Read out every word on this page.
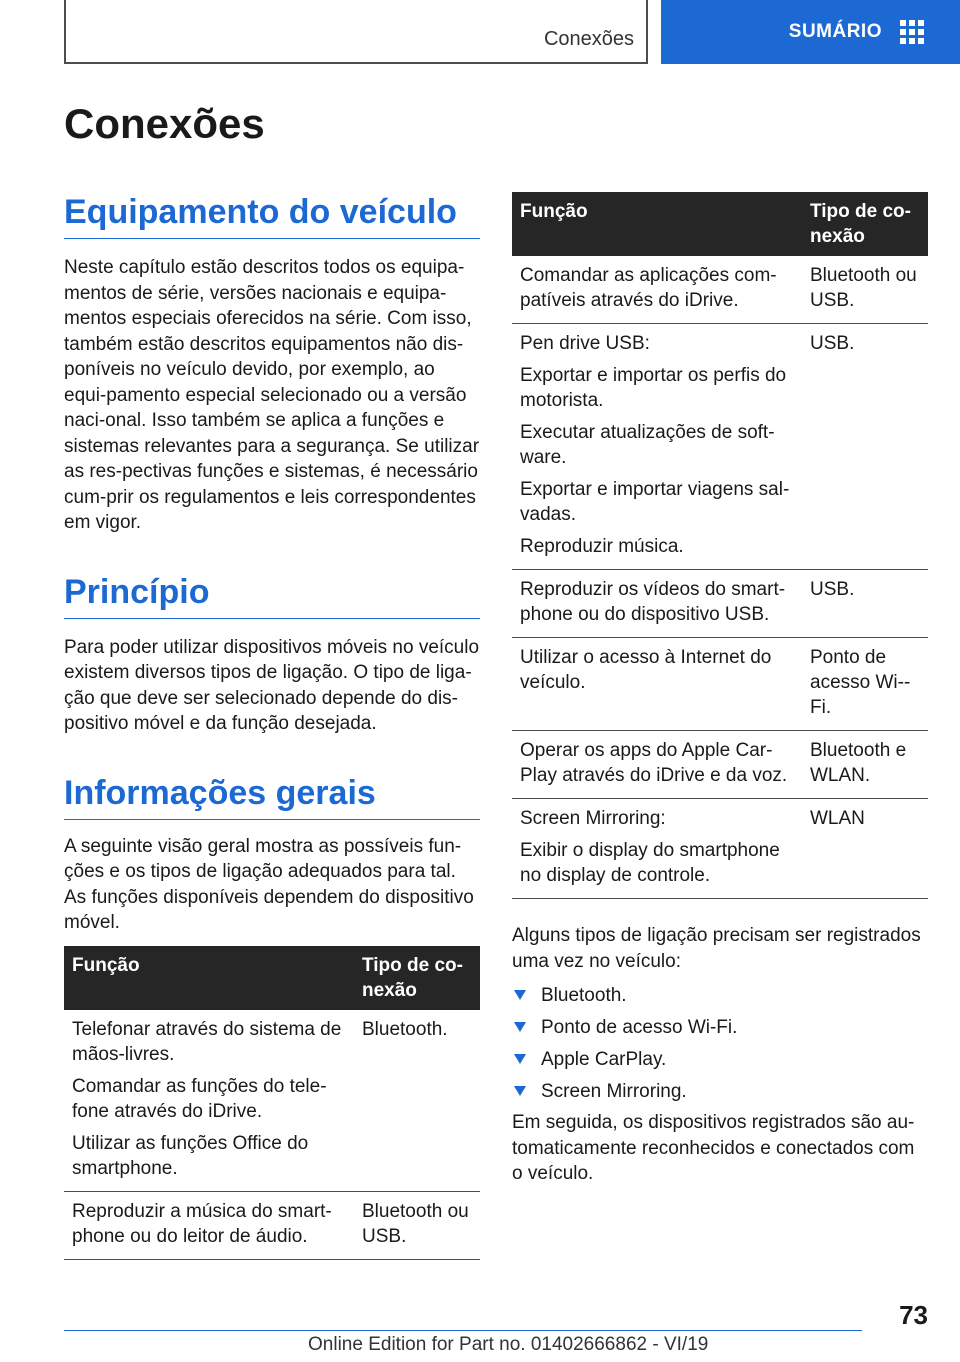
Conexões	SUMÁRIO
Conexões
Equipamento do veículo

Neste capítulo estão descritos todos os equipa-mentos de série, versões nacionais e equipa-mentos especiais oferecidos na série. Com isso, também estão descritos equipamentos não dis-poníveis no veículo devido, por exemplo, ao equi-pamento especial selecionado ou a versão naci-onal. Isso também se aplica a funções e sistemas relevantes para a segurança. Se utilizar as res-pectivas funções e sistemas, é necessário cum-prir os regulamentos e leis correspondentes em vigor.

Princípio

Para poder utilizar dispositivos móveis no veículo existem diversos tipos de ligação. O tipo de liga-ção que deve ser selecionado depende do dis-positivo móvel e da função desejada.

Informações gerais

A seguinte visão geral mostra as possíveis fun-ções e os tipos de ligação adequados para tal. As funções disponíveis dependem do dispositivo móvel.

Função	Tipo de co-nexão

Telefonar através do sistema de mãos-livres.
Comandar as funções do tele-fone através do iDrive.
Utilizar as funções Office do smartphone.	Bluetooth.

Reproduzir a música do smart-phone ou do leitor de áudio.	Bluetooth ou USB.
Função	Tipo de co-nexão

Comandar as aplicações com-patíveis através do iDrive.	Bluetooth ou USB.

Pen drive USB:
Exportar e importar os perfis do motorista.
Executar atualizações de soft-ware.
Exportar e importar viagens sal-vadas.
Reproduzir música.	USB.

Reproduzir os vídeos do smart-phone ou do dispositivo USB.	USB.

Utilizar o acesso à Internet do veículo.	Ponto de acesso Wi--Fi.

Operar os apps do Apple Car-Play através do iDrive e da voz.	Bluetooth e WLAN.

Screen Mirroring:
Exibir o display do smartphone no display de controle.	WLAN

Alguns tipos de ligação precisam ser registrados uma vez no veículo:

Bluetooth.
Ponto de acesso Wi-Fi.
Apple CarPlay.
Screen Mirroring.

Em seguida, os dispositivos registrados são au-tomaticamente reconhecidos e conectados com o veículo.

73
Online Edition for Part no. 01402666862 - VI/19
